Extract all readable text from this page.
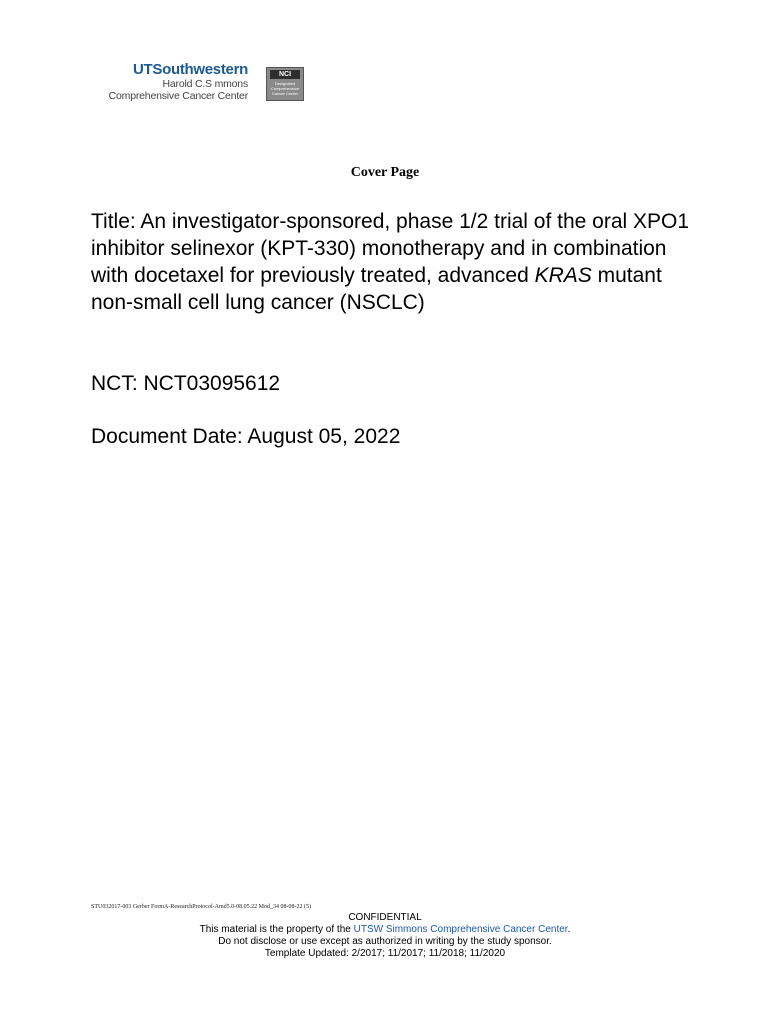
UTSouthwestern
Harold C.S mmons
Comprehensive Cancer Center
NCI
Designated Comprehensive Cancer Center
Cover Page
Title: An investigator-sponsored, phase 1/2 trial of the oral XPO1 inhibitor selinexor (KPT-330) monotherapy and in combination with docetaxel for previously treated, advanced KRAS mutant non-small cell lung cancer (NSCLC)
NCT: NCT03095612
Document Date: August 05, 2022
STU032017-003 Gerber FormA-ResearchProtocol-Amd5.0-08.05.22 Mod_34 08-08-22 (5)
CONFIDENTIAL
This material is the property of the UTSW Simmons Comprehensive Cancer Center.
Do not disclose or use except as authorized in writing by the study sponsor.
Template Updated: 2/2017; 11/2017; 11/2018; 11/2020
